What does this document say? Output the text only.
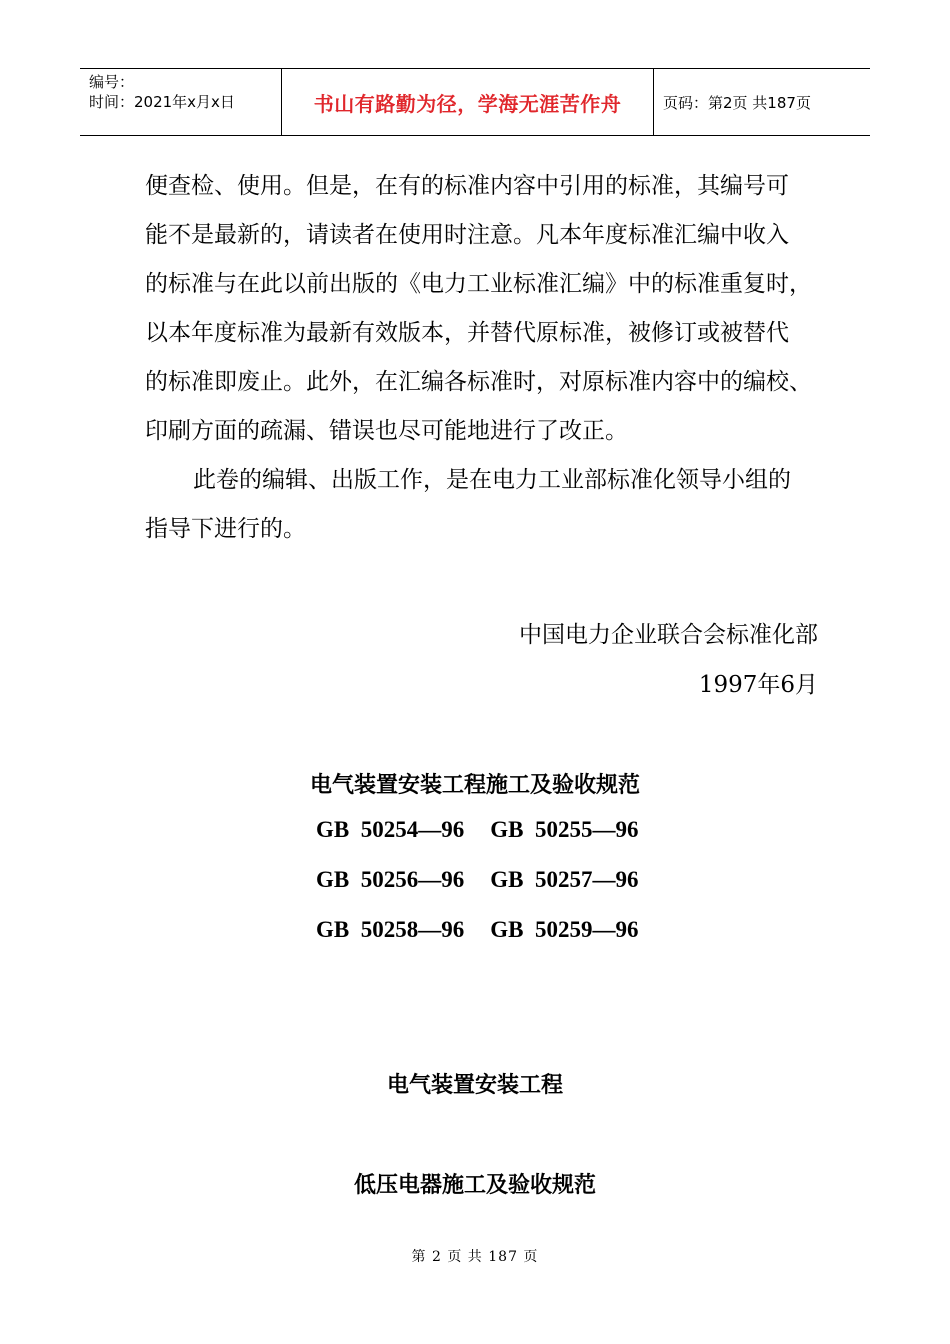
编号：
时间：2021年x月x日	书山有路勤为径，学海无涯苦作舟	页码：第2页 共187页

便查检、使用。但是，在有的标准内容中引用的标准，其编号可

能不是最新的，请读者在使用时注意。凡本年度标准汇编中收入

的标准与在此以前出版的《电力工业标准汇编》中的标准重复时，

以本年度标准为最新有效版本，并替代原标准，被修订或被替代

的标准即废止。此外，在汇编各标准时，对原标准内容中的编校、

印刷方面的疏漏、错误也尽可能地进行了改正。

此卷的编辑、出版工作，是在电力工业部标准化领导小组的

指导下进行的。

中国电力企业联合会标准化部
1997年6月
电气装置安装工程施工及验收规范
GB  50254—96 GB  50255—96
GB  50256—96 GB  50257—96
GB  50258—96 GB  50259—96
电气装置安装工程
低压电器施工及验收规范
第 2 页 共 187 页
